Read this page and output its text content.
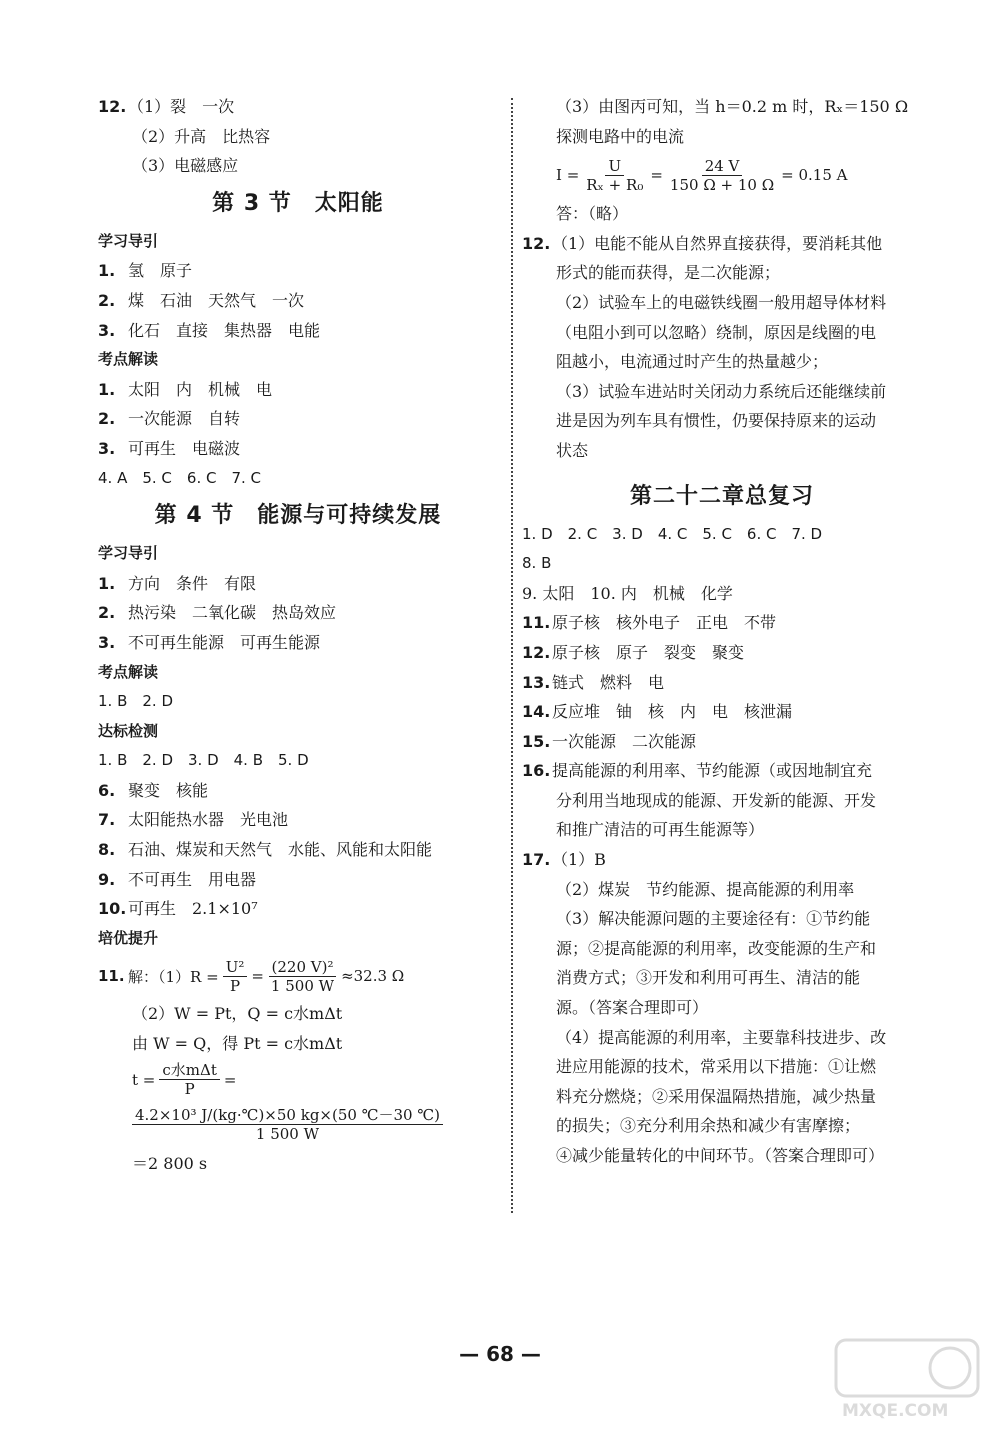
12. （1）裂　一次
（2）升高　比热容
（3）电磁感应
第 3 节　太阳能
学习导引
1. 氢　原子
2. 煤　石油　天然气　一次
3. 化石　直接　集热器　电能
考点解读
1. 太阳　内　机械　电
2. 一次能源　自转
3. 可再生　电磁波
4. A　5. C　6. C　7. C
第 4 节　能源与可持续发展
学习导引
1. 方向　条件　有限
2. 热污染　二氧化碳　热岛效应
3. 不可再生能源　可再生能源
考点解读
1. B　2. D
达标检测
1. B　2. D　3. D　4. B　5. D
6. 聚变　核能
7. 太阳能热水器　光电池
8. 石油、煤炭和天然气　水能、风能和太阳能
9. 不可再生　用电器
10. 可再生　2.1×10⁷
培优提升
11. 解：$(1)R = \frac{\text{U²}}{P} = \frac{\text{(220 V)²}}{1 500 W} \approx 32.3$ Ω
（2）W = Pt，Q = c水mΔt
由 W = Q，得 Pt = c水mΔt
$t = \frac{\text{c水mΔt}}{P}$ =
$\frac{\text{4.2×10³ J/(kg·℃)×50 kg×(50 ℃－30 ℃)}}{1 500 W}$
＝2 800 s
（3）由图丙可知，当 h＝0.2 m 时，Rₓ＝150 Ω
探测电路中的电流
$I = \frac{U}{\text{Rₓ + R₀}} = \frac{24 V}{150 \Omega + 10 \Omega} = 0.15$ A
答：（略）
12. （1）电能不能从自然界直接获得，要消耗其他
形式的能而获得，是二次能源；
（2）试验车上的电磁铁线圈一般用超导体材料
（电阻小到可以忽略）绕制，原因是线圈的电
阻越小，电流通过时产生的热量越少；
（3）试验车进站时关闭动力系统后还能继续前
进是因为列车具有惯性，仍要保持原来的运动
状态
第二十二章总复习
1. D　2. C　3. D　4. C　5. C　6. C　7. D
8. B
9. 太阳　10. 内　机械　化学
11. 原子核　核外电子　正电　不带
12. 原子核　原子　裂变　聚变
13. 链式　燃料　电
14. 反应堆　铀　核　内　电　核泄漏
15. 一次能源　二次能源
16. 提高能源的利用率、节约能源（或因地制宜充
分利用当地现成的能源、开发新的能源、开发
和推广清洁的可再生能源等）
17. （1）B
（2）煤炭　节约能源、提高能源的利用率
（3）解决能源问题的主要途径有：①节约能
源；②提高能源的利用率，改变能源的生产和
消费方式；③开发和利用可再生、清洁的能
源。（答案合理即可）
（4）提高能源的利用率，主要靠科技进步、改
进应用能源的技术，常采用以下措施：①让燃
料充分燃烧；②采用保温隔热措施，减少热量
的损失；③充分利用余热和减少有害摩擦；
④减少能量转化的中间环节。（答案合理即可）
— 68 —
MXQE.COM
